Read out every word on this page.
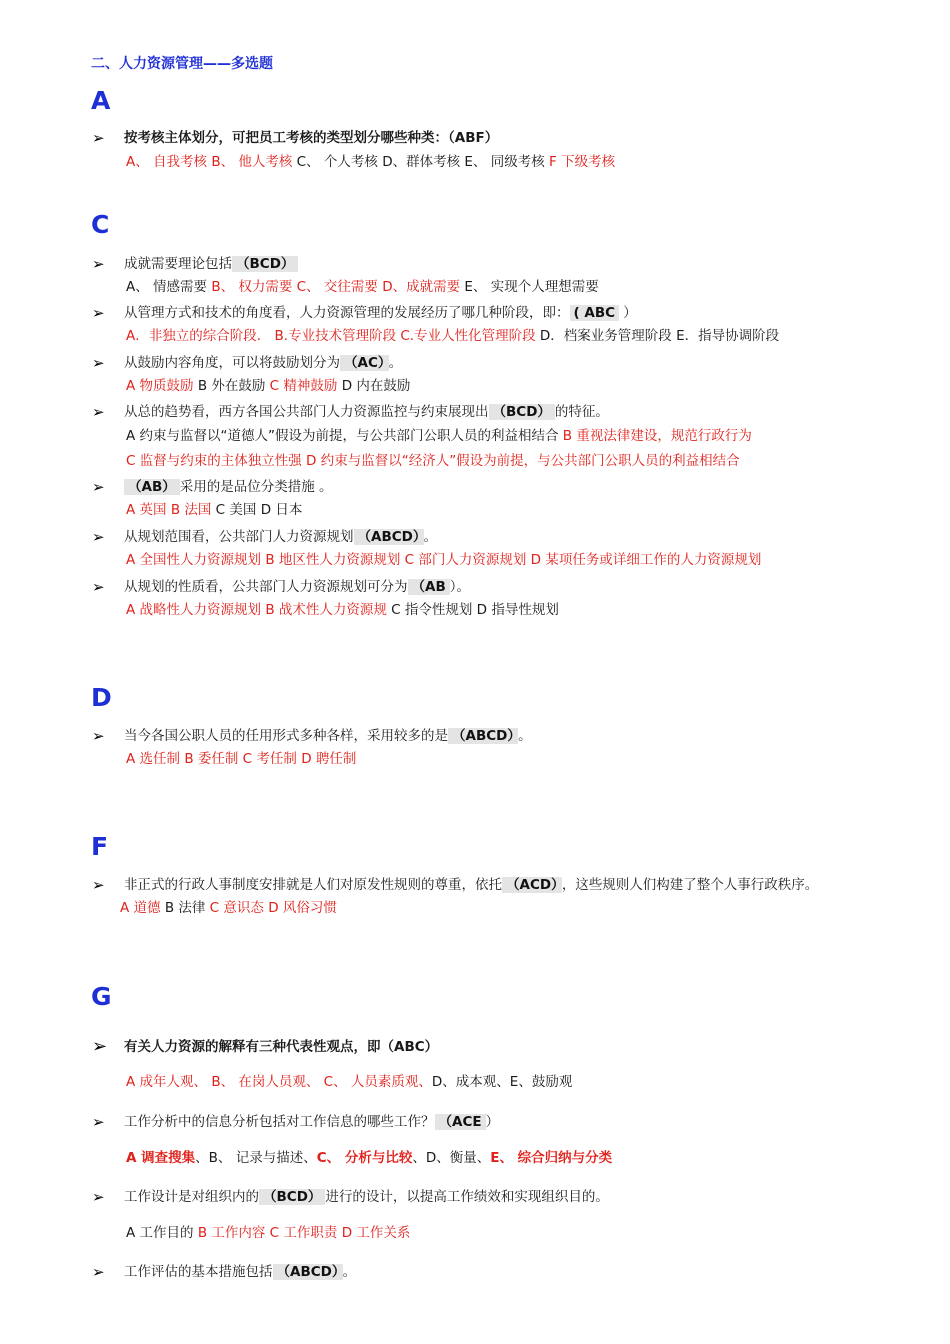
二、人力资源管理——多选题
A
➢ 按考核主体划分，可把员工考核的类型划分哪些种类：（ABF）
A、 自我考核 B、 他人考核 C、 个人考核 D、群体考核 E、 同级考核 F 下级考核
C
➢ 成就需要理论包括 （BCD）
A、 情感需要 B、 权力需要 C、 交往需要 D、成就需要 E、 实现个人理想需要
➢ 从管理方式和技术的角度看，人力资源管理的发展经历了哪几种阶段，即： ( ABC ）
A．非独立的综合阶段． B.专业技术管理阶段 C.专业人性化管理阶段 D．档案业务管理阶段 E．指导协调阶段
➢ 从鼓励内容角度，可以将鼓励划分为 （AC） 。
A 物质鼓励 B 外在鼓励 C 精神鼓励 D 内在鼓励
➢ 从总的趋势看，西方各国公共部门人力资源监控与约束展现出 （BCD） 的特征。
A 约束与监督以“道德人”假设为前提，与公共部门公职人员的利益相结合 B 重视法律建设，规范行政行为
C 监督与约束的主体独立性强 D 约束与监督以“经济人”假设为前提，与公共部门公职人员的利益相结合
➢ （AB） 采用的是品位分类措施 。
A 英国 B 法国 C 美国 D 日本
➢ 从规划范围看，公共部门人力资源规划 （ABCD） 。
A 全国性人力资源规划 B 地区性人力资源规划 C 部门人力资源规划 D 某项任务或详细工作的人力资源规划
➢ 从规划的性质看，公共部门人力资源规划可分为 （AB ）。
A 战略性人力资源规划 B 战术性人力资源规 C 指令性规划 D 指导性规划
D
➢ 当今各国公职人员的任用形式多种各样，采用较多的是 （ABCD） 。
A 选任制 B 委任制 C 考任制 D 聘任制
F
➢ 非正式的行政人事制度安排就是人们对原发性规则的尊重，依托 （ACD） ，这些规则人们构建了整个人事行政秩序。
A 道德 B 法律 C 意识态 D 风俗习惯
G
➢ 有关人力资源的解释有三种代表性观点，即（ABC）
A 成年人观、 B、 在岗人员观、 C、 人员素质观、D、成本观、E、鼓励观
➢ 工作分析中的信息分析包括对工作信息的哪些工作？ （ACE ）
A 调查搜集、B、 记录与描述、C、 分析与比较、D、衡量、E、 综合归纳与分类
➢ 工作设计是对组织内的 （BCD） 进行的设计，以提高工作绩效和实现组织目的。
A 工作目的 B 工作内容 C 工作职责 D 工作关系
➢ 工作评估的基本措施包括 （ABCD） 。
